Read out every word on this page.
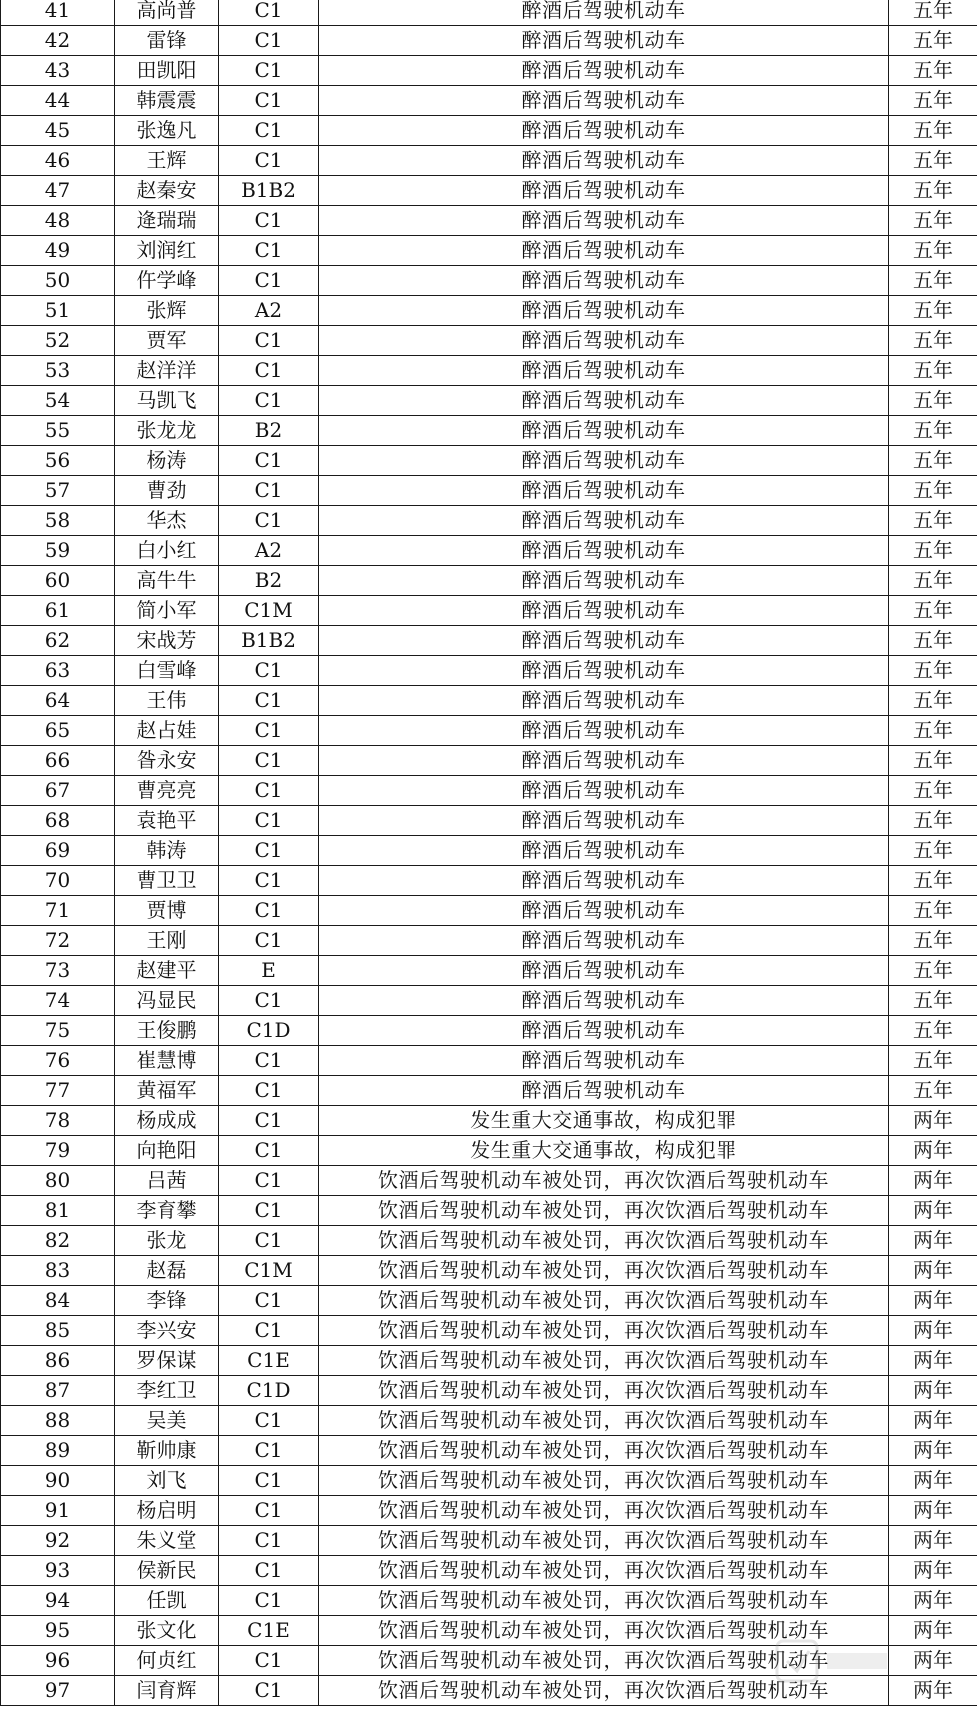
41	高尚普	C1	醉酒后驾驶机动车	五年
42	雷锋	C1	醉酒后驾驶机动车	五年
43	田凯阳	C1	醉酒后驾驶机动车	五年
44	韩震震	C1	醉酒后驾驶机动车	五年
45	张逸凡	C1	醉酒后驾驶机动车	五年
46	王辉	C1	醉酒后驾驶机动车	五年
47	赵秦安	B1B2	醉酒后驾驶机动车	五年
48	逄瑞瑞	C1	醉酒后驾驶机动车	五年
49	刘润红	C1	醉酒后驾驶机动车	五年
50	仵学峰	C1	醉酒后驾驶机动车	五年
51	张辉	A2	醉酒后驾驶机动车	五年
52	贾军	C1	醉酒后驾驶机动车	五年
53	赵洋洋	C1	醉酒后驾驶机动车	五年
54	马凯飞	C1	醉酒后驾驶机动车	五年
55	张龙龙	B2	醉酒后驾驶机动车	五年
56	杨涛	C1	醉酒后驾驶机动车	五年
57	曹劲	C1	醉酒后驾驶机动车	五年
58	华杰	C1	醉酒后驾驶机动车	五年
59	白小红	A2	醉酒后驾驶机动车	五年
60	高牛牛	B2	醉酒后驾驶机动车	五年
61	简小军	C1M	醉酒后驾驶机动车	五年
62	宋战芳	B1B2	醉酒后驾驶机动车	五年
63	白雪峰	C1	醉酒后驾驶机动车	五年
64	王伟	C1	醉酒后驾驶机动车	五年
65	赵占娃	C1	醉酒后驾驶机动车	五年
66	昝永安	C1	醉酒后驾驶机动车	五年
67	曹亮亮	C1	醉酒后驾驶机动车	五年
68	袁艳平	C1	醉酒后驾驶机动车	五年
69	韩涛	C1	醉酒后驾驶机动车	五年
70	曹卫卫	C1	醉酒后驾驶机动车	五年
71	贾博	C1	醉酒后驾驶机动车	五年
72	王刚	C1	醉酒后驾驶机动车	五年
73	赵建平	E	醉酒后驾驶机动车	五年
74	冯显民	C1	醉酒后驾驶机动车	五年
75	王俊鹏	C1D	醉酒后驾驶机动车	五年
76	崔慧博	C1	醉酒后驾驶机动车	五年
77	黄福军	C1	醉酒后驾驶机动车	五年
78	杨成成	C1	发生重大交通事故，构成犯罪	两年
79	向艳阳	C1	发生重大交通事故，构成犯罪	两年
80	吕茜	C1	饮酒后驾驶机动车被处罚，再次饮酒后驾驶机动车	两年
81	李育攀	C1	饮酒后驾驶机动车被处罚，再次饮酒后驾驶机动车	两年
82	张龙	C1	饮酒后驾驶机动车被处罚，再次饮酒后驾驶机动车	两年
83	赵磊	C1M	饮酒后驾驶机动车被处罚，再次饮酒后驾驶机动车	两年
84	李锋	C1	饮酒后驾驶机动车被处罚，再次饮酒后驾驶机动车	两年
85	李兴安	C1	饮酒后驾驶机动车被处罚，再次饮酒后驾驶机动车	两年
86	罗保谋	C1E	饮酒后驾驶机动车被处罚，再次饮酒后驾驶机动车	两年
87	李红卫	C1D	饮酒后驾驶机动车被处罚，再次饮酒后驾驶机动车	两年
88	吴美	C1	饮酒后驾驶机动车被处罚，再次饮酒后驾驶机动车	两年
89	靳帅康	C1	饮酒后驾驶机动车被处罚，再次饮酒后驾驶机动车	两年
90	刘飞	C1	饮酒后驾驶机动车被处罚，再次饮酒后驾驶机动车	两年
91	杨启明	C1	饮酒后驾驶机动车被处罚，再次饮酒后驾驶机动车	两年
92	朱义堂	C1	饮酒后驾驶机动车被处罚，再次饮酒后驾驶机动车	两年
93	侯新民	C1	饮酒后驾驶机动车被处罚，再次饮酒后驾驶机动车	两年
94	任凯	C1	饮酒后驾驶机动车被处罚，再次饮酒后驾驶机动车	两年
95	张文化	C1E	饮酒后驾驶机动车被处罚，再次饮酒后驾驶机动车	两年
96	何贞红	C1	饮酒后驾驶机动车被处罚，再次饮酒后驾驶机动车	两年
97	闫育辉	C1	饮酒后驾驶机动车被处罚，再次饮酒后驾驶机动车	两年
